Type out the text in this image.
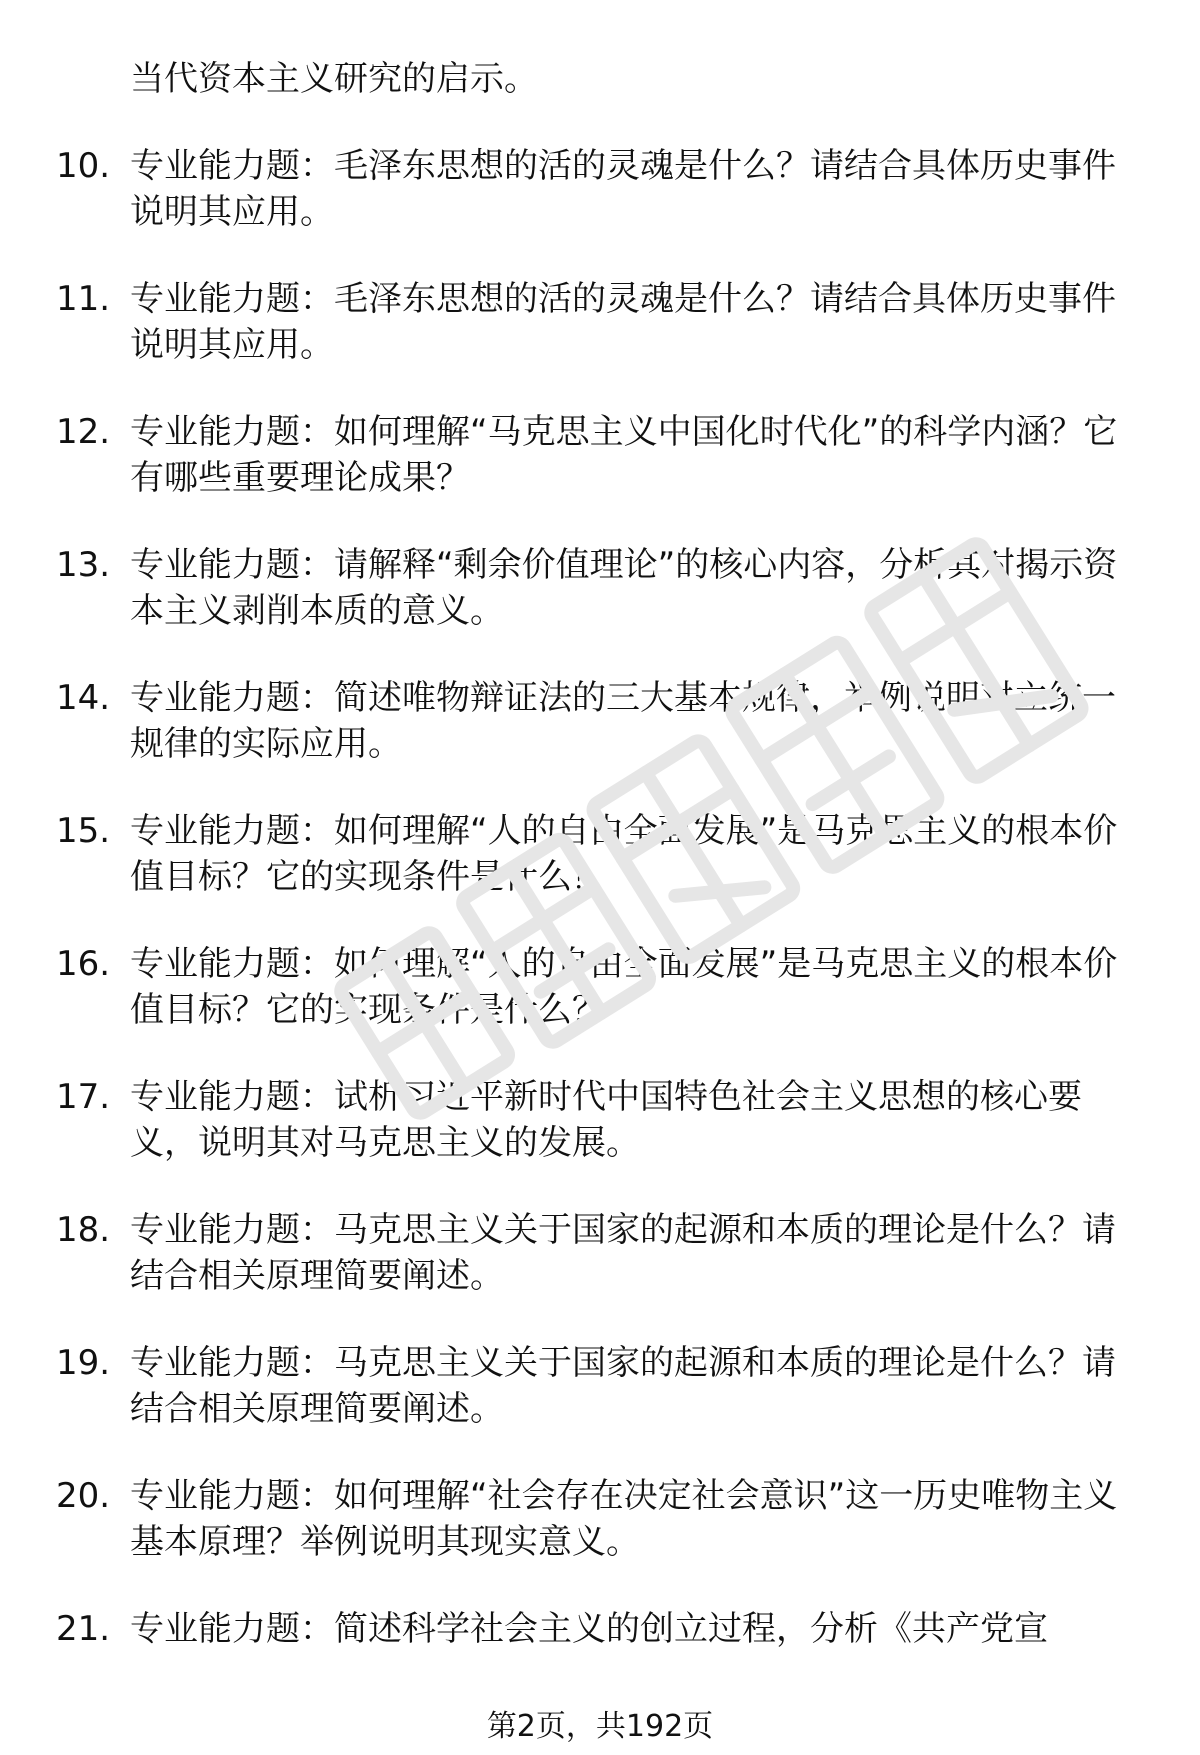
当代资本主义研究的启示。
10. 专业能力题：毛泽东思想的活的灵魂是什么？请结合具体历史事件说明其应用。
11. 专业能力题：毛泽东思想的活的灵魂是什么？请结合具体历史事件说明其应用。
12. 专业能力题：如何理解“马克思主义中国化时代化”的科学内涵？它有哪些重要理论成果？
13. 专业能力题：请解释“剩余价值理论”的核心内容，分析其对揭示资本主义剥削本质的意义。
14. 专业能力题：简述唯物辩证法的三大基本规律，举例说明对立统一规律的实际应用。
15. 专业能力题：如何理解“人的自由全面发展”是马克思主义的根本价值目标？它的实现条件是什么？
16. 专业能力题：如何理解“人的自由全面发展”是马克思主义的根本价值目标？它的实现条件是什么？
17. 专业能力题：试析习近平新时代中国特色社会主义思想的核心要义，说明其对马克思主义的发展。
18. 专业能力题：马克思主义关于国家的起源和本质的理论是什么？请结合相关原理简要阐述。
19. 专业能力题：马克思主义关于国家的起源和本质的理论是什么？请结合相关原理简要阐述。
20. 专业能力题：如何理解“社会存在决定社会意识”这一历史唯物主义基本原理？举例说明其现实意义。
21. 专业能力题：简述科学社会主义的创立过程，分析《共产党宣
第2页，共192页
